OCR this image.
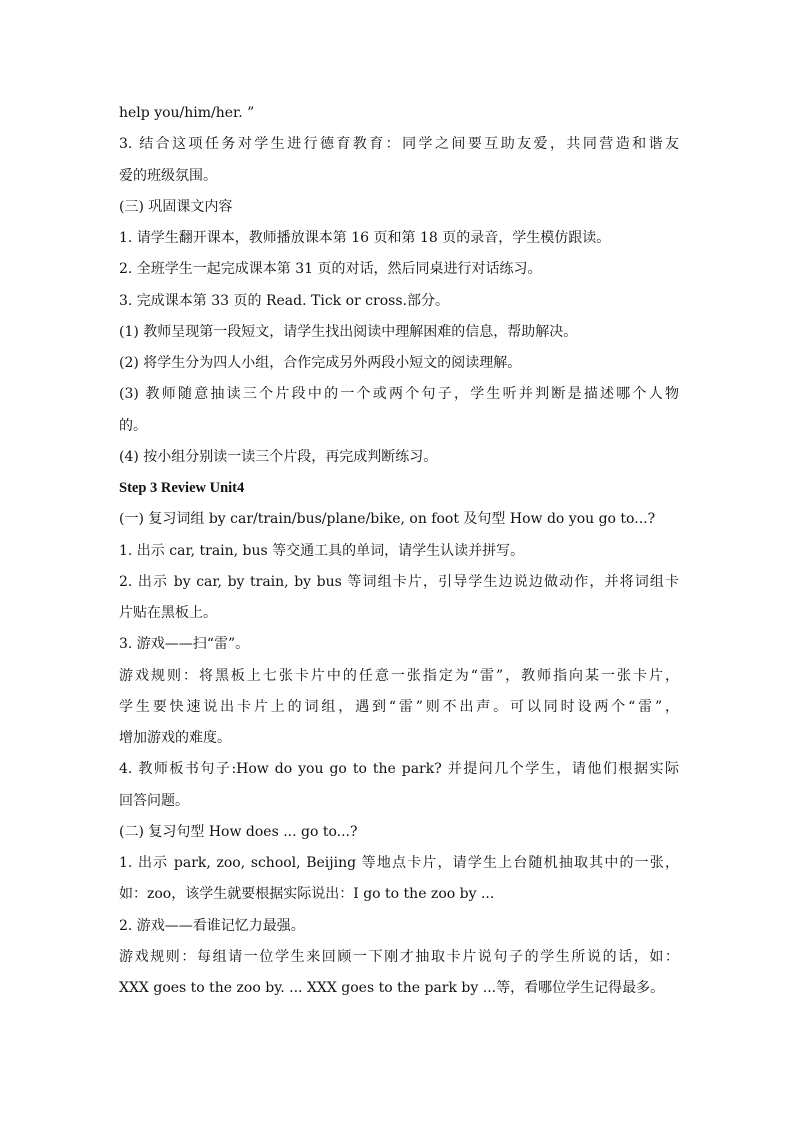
help you/him/her. ”
3. 结合这项任务对学生进行德育教育：同学之间要互助友爱，共同营造和谐友
爱的班级氛围。
(三) 巩固课文内容
1. 请学生翻开课本，教师播放课本第 16 页和第 18 页的录音，学生模仿跟读。
2. 全班学生一起完成课本第 31 页的对话，然后同桌进行对话练习。
3. 完成课本第 33 页的 Read. Tick or cross.部分。
(1) 教师呈现第一段短文，请学生找出阅读中理解困难的信息，帮助解决。
(2) 将学生分为四人小组，合作完成另外两段小短文的阅读理解。
(3) 教师随意抽读三个片段中的一个或两个句子，学生听并判断是描述哪个人物
的。
(4) 按小组分别读一读三个片段，再完成判断练习。
Step 3 Review Unit4
(一) 复习词组 by car/train/bus/plane/bike, on foot 及句型 How do you go to...?
1. 出示 car, train, bus 等交通工具的单词，请学生认读并拼写。
2. 出示 by car, by train, by bus 等词组卡片，引导学生边说边做动作，并将词组卡
片贴在黑板上。
3. 游戏——扫“雷”。
游戏规则：将黑板上七张卡片中的任意一张指定为“雷”，教师指向某一张卡片，
学生要快速说出卡片上的词组，遇到“雷”则不出声。可以同时设两个“雷”，
增加游戏的难度。
4. 教师板书句子:How do you go to the park? 并提问几个学生，请他们根据实际
回答问题。
(二) 复习句型 How does ... go to...?
1. 出示 park, zoo, school, Beijing 等地点卡片，请学生上台随机抽取其中的一张，
如：zoo，该学生就要根据实际说出：I go to the zoo by ...
2. 游戏——看谁记忆力最强。
游戏规则：每组请一位学生来回顾一下刚才抽取卡片说句子的学生所说的话，如：
XXX goes to the zoo by. ... XXX goes to the park by ...等，看哪位学生记得最多。
